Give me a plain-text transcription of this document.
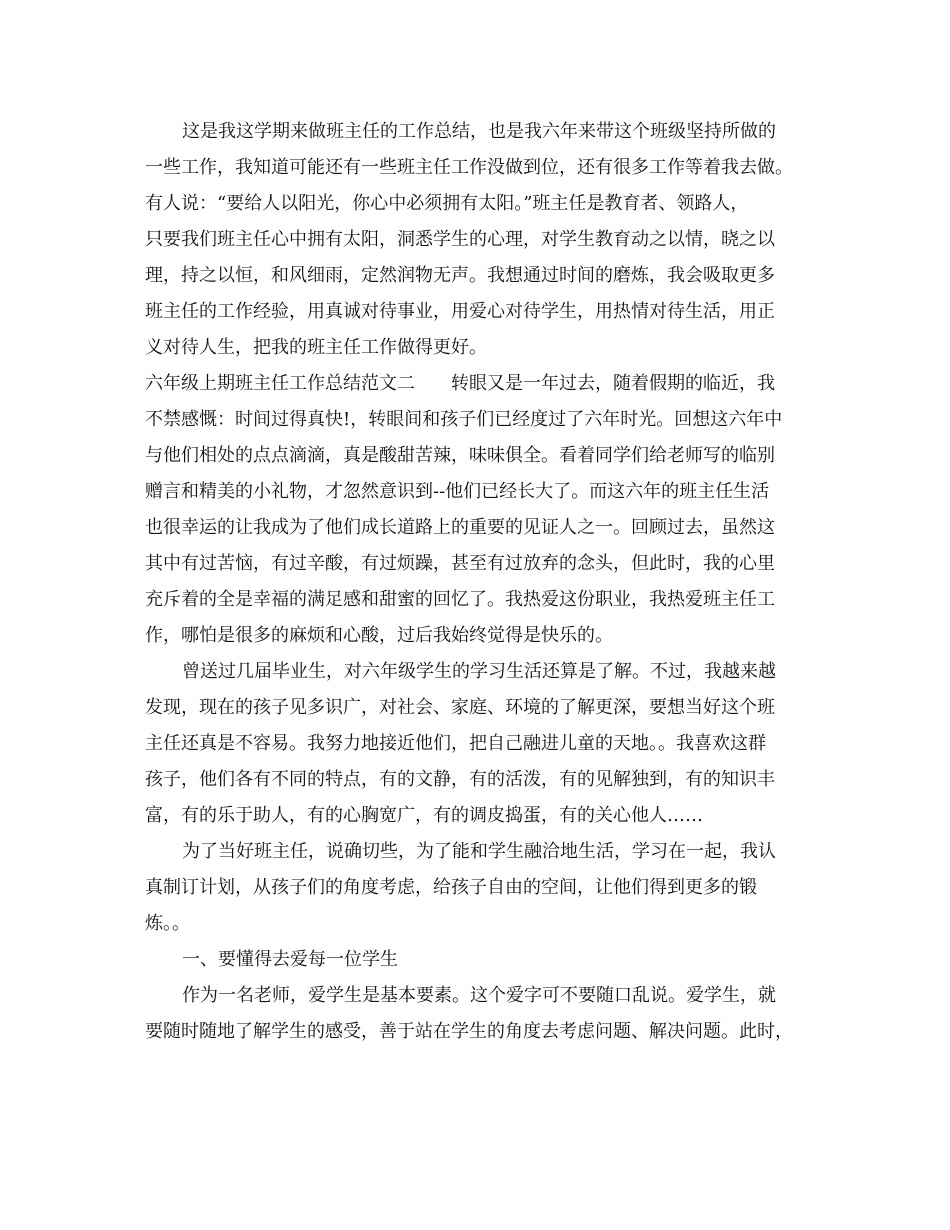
这是我这学期来做班主任的工作总结，也是我六年来带这个班级坚持所做的
一些工作，我知道可能还有一些班主任工作没做到位，还有很多工作等着我去做。
有人说：“要给人以阳光，你心中必须拥有太阳。”班主任是教育者、领路人，
只要我们班主任心中拥有太阳，洞悉学生的心理，对学生教育动之以情，晓之以
理，持之以恒，和风细雨，定然润物无声。我想通过时间的磨炼，我会吸取更多
班主任的工作经验，用真诚对待事业，用爱心对待学生，用热情对待生活，用正
义对待人生，把我的班主任工作做得更好。
六年级上期班主任工作总结范文二　　转眼又是一年过去，随着假期的临近，我
不禁感慨：时间过得真快!，转眼间和孩子们已经度过了六年时光。回想这六年中
与他们相处的点点滴滴，真是酸甜苦辣，味味俱全。看着同学们给老师写的临别
赠言和精美的小礼物，才忽然意识到--他们已经长大了。而这六年的班主任生活
也很幸运的让我成为了他们成长道路上的重要的见证人之一。回顾过去，虽然这
其中有过苦恼，有过辛酸，有过烦躁，甚至有过放弃的念头，但此时，我的心里
充斥着的全是幸福的满足感和甜蜜的回忆了。我热爱这份职业，我热爱班主任工
作，哪怕是很多的麻烦和心酸，过后我始终觉得是快乐的。
曾送过几届毕业生，对六年级学生的学习生活还算是了解。不过，我越来越
发现，现在的孩子见多识广，对社会、家庭、环境的了解更深，要想当好这个班
主任还真是不容易。我努力地接近他们，把自己融进儿童的天地。。我喜欢这群
孩子，他们各有不同的特点，有的文静，有的活泼，有的见解独到，有的知识丰
富，有的乐于助人，有的心胸宽广，有的调皮捣蛋，有的关心他人……
为了当好班主任，说确切些，为了能和学生融洽地生活，学习在一起，我认
真制订计划，从孩子们的角度考虑，给孩子自由的空间，让他们得到更多的锻
炼。。
一、要懂得去爱每一位学生
作为一名老师，爱学生是基本要素。这个爱字可不要随口乱说。爱学生，就
要随时随地了解学生的感受，善于站在学生的角度去考虑问题、解决问题。此时，
